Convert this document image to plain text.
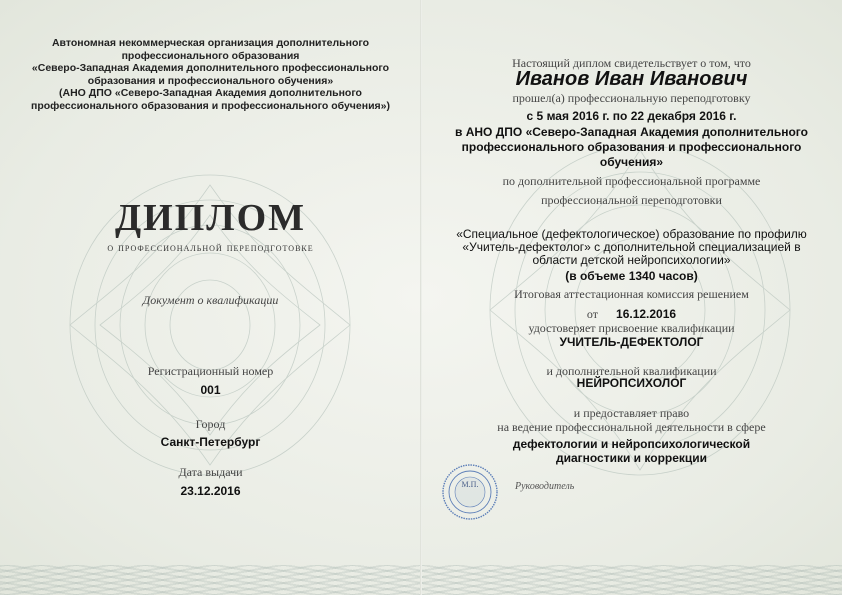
Автономная некоммерческая организация дополнительного
профессионального образования
«Северо-Западная Академия дополнительного профессионального
образования и профессионального обучения»
(АНО ДПО «Северо-Западная Академия дополнительного
профессионального образования и профессионального обучения»)
ДИПЛОМ
о профессиональной переподготовке
Документ о квалификации
Регистрационный номер
001
Город
Санкт-Петербург
Дата выдачи
23.12.2016
Настоящий диплом свидетельствует о том, что
Иванов Иван Иванович
прошел(а) профессиональную переподготовку
с 5 мая 2016 г. по 22 декабря 2016 г.
в АНО ДПО «Северо-Западная Академия дополнительного
профессионального образования и профессионального
обучения»
по дополнительной профессиональной программе
профессиональной переподготовки
«Специальное (дефектологическое) образование по профилю
«Учитель-дефектолог» с дополнительной специализацией в
области детской нейропсихологии»
(в объеме 1340 часов)
Итоговая аттестационная комиссия решением
от 16.12.2016
удостоверяет присвоение квалификации
УЧИТЕЛЬ-ДЕФЕКТОЛОГ
и дополнительной квалификации
НЕЙРОПСИХОЛОГ
и предоставляет право
на ведение профессиональной деятельности в сфере
дефектологии и нейропсихологической
диагностики и коррекции
Руководитель
М.П.
